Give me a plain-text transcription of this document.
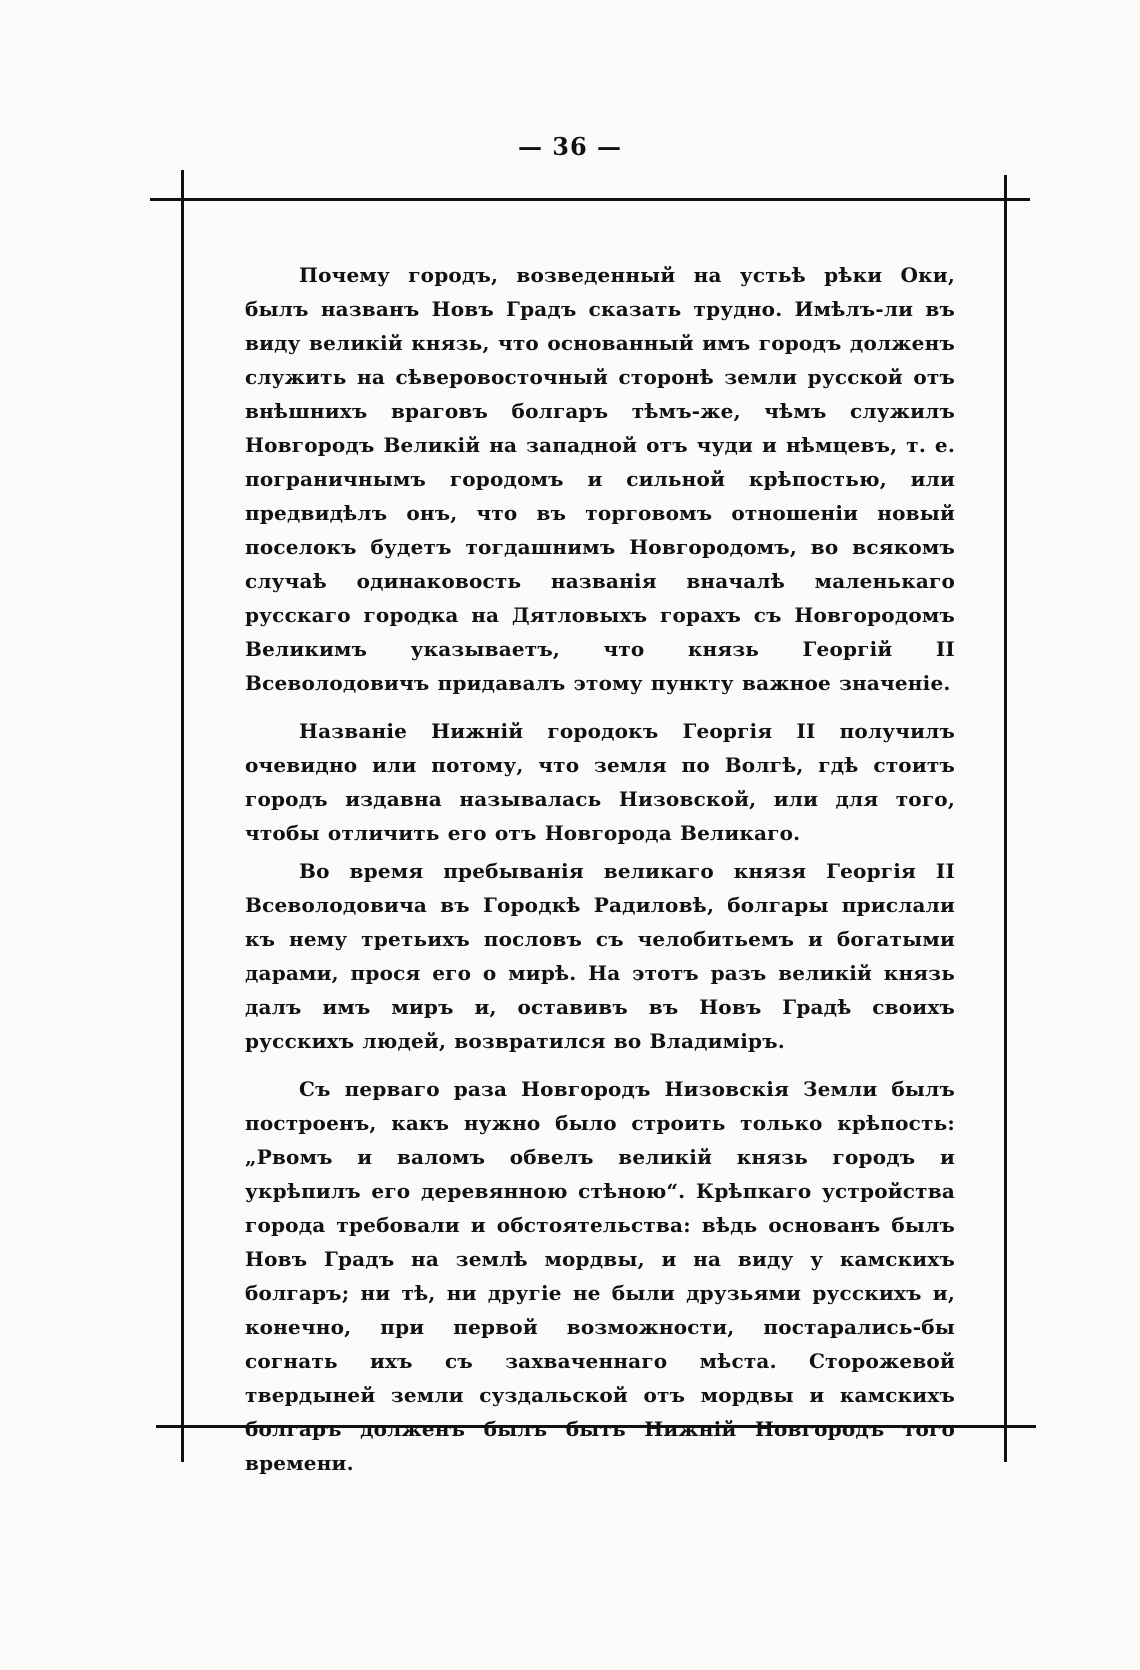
— 36 —

Почему городъ, возведенный на устьѣ рѣки Оки, былъ названъ Новъ Градъ сказать трудно. Имѣлъ-ли въ виду великій князь, что основанный имъ городъ долженъ служить на сѣверовосточный сторонѣ земли русской отъ внѣшнихъ враговъ болгаръ тѣмъ-же, чѣмъ служилъ Новгородъ Великій на западной отъ чуди и нѣмцевъ, т. е. пограничнымъ городомъ и сильной крѣпостью, или предвидѣлъ онъ, что въ торговомъ отношеніи новый поселокъ будетъ тогдашнимъ Новгородомъ, во всякомъ случаѣ одинаковость названія вначалѣ маленькаго русскаго городка на Дятловыхъ горахъ съ Новгородомъ Великимъ указываетъ, что князь Георгій II Всеволодовичъ придавалъ этому пункту важное значеніе.

Названіе Нижній городокъ Георгія II получилъ очевидно или потому, что земля по Волгѣ, гдѣ стоитъ городъ издавна называлась Низовской, или для того, чтобы отличить его отъ Новгорода Великаго.

Во время пребыванія великаго князя Георгія II Всеволодовича въ Городкѣ Радиловѣ, болгары прислали къ нему третьихъ пословъ съ челобитьемъ и богатыми дарами, прося его о мирѣ. На этотъ разъ великій князь далъ имъ миръ и, оставивъ въ Новъ Градѣ своихъ русскихъ людей, возвратился во Владиміръ.

Съ перваго раза Новгородъ Низовскія Земли былъ построенъ, какъ нужно было строить только крѣпость: „Рвомъ и валомъ обвелъ великій князь городъ и укрѣпилъ его деревянною стѣною“. Крѣпкаго устройства города требовали и обстоятельства: вѣдь основанъ былъ Новъ Градъ на землѣ мордвы, и на виду у камскихъ болгаръ; ни тѣ, ни другіе не были друзьями русскихъ и, конечно, при первой возможности, постарались-бы согнать ихъ съ захваченнаго мѣста. Сторожевой твердыней земли суздальской отъ мордвы и камскихъ болгаръ долженъ былъ быть Нижній Новгородъ того времени.
